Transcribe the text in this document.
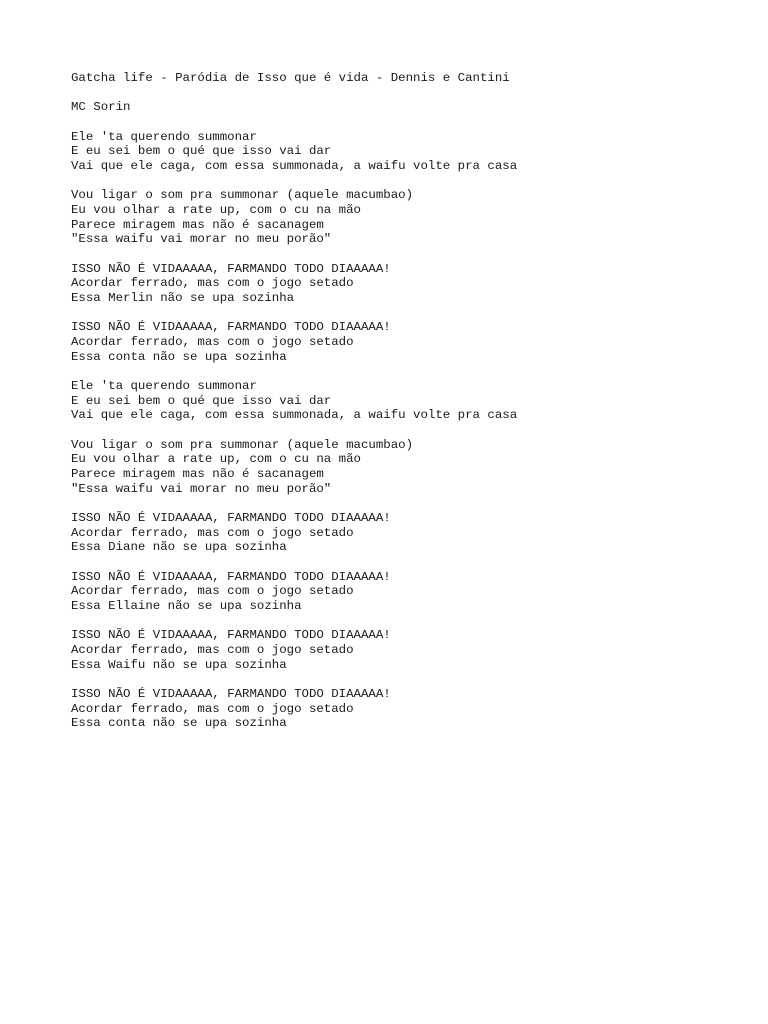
Gatcha life - Paródia de Isso que é vida - Dennis e Cantini
MC Sorin
Ele 'ta querendo summonar
E eu sei bem o qué que isso vai dar
Vai que ele caga, com essa summonada, a waifu volte pra casa
Vou ligar o som pra summonar (aquele macumbao)
Eu vou olhar a rate up, com o cu na mão
Parece miragem mas não é sacanagem
"Essa waifu vai morar no meu porão"
ISSO NÃO É VIDAAAAA, FARMANDO TODO DIAAAAA!
Acordar ferrado, mas com o jogo setado
Essa Merlin não se upa sozinha
ISSO NÃO É VIDAAAAA, FARMANDO TODO DIAAAAA!
Acordar ferrado, mas com o jogo setado
Essa conta não se upa sozinha
Ele 'ta querendo summonar
E eu sei bem o qué que isso vai dar
Vai que ele caga, com essa summonada, a waifu volte pra casa
Vou ligar o som pra summonar (aquele macumbao)
Eu vou olhar a rate up, com o cu na mão
Parece miragem mas não é sacanagem
"Essa waifu vai morar no meu porão"
ISSO NÃO É VIDAAAAA, FARMANDO TODO DIAAAAA!
Acordar ferrado, mas com o jogo setado
Essa Diane não se upa sozinha
ISSO NÃO É VIDAAAAA, FARMANDO TODO DIAAAAA!
Acordar ferrado, mas com o jogo setado
Essa Ellaine não se upa sozinha
ISSO NÃO É VIDAAAAA, FARMANDO TODO DIAAAAA!
Acordar ferrado, mas com o jogo setado
Essa Waifu não se upa sozinha
ISSO NÃO É VIDAAAAA, FARMANDO TODO DIAAAAA!
Acordar ferrado, mas com o jogo setado
Essa conta não se upa sozinha
